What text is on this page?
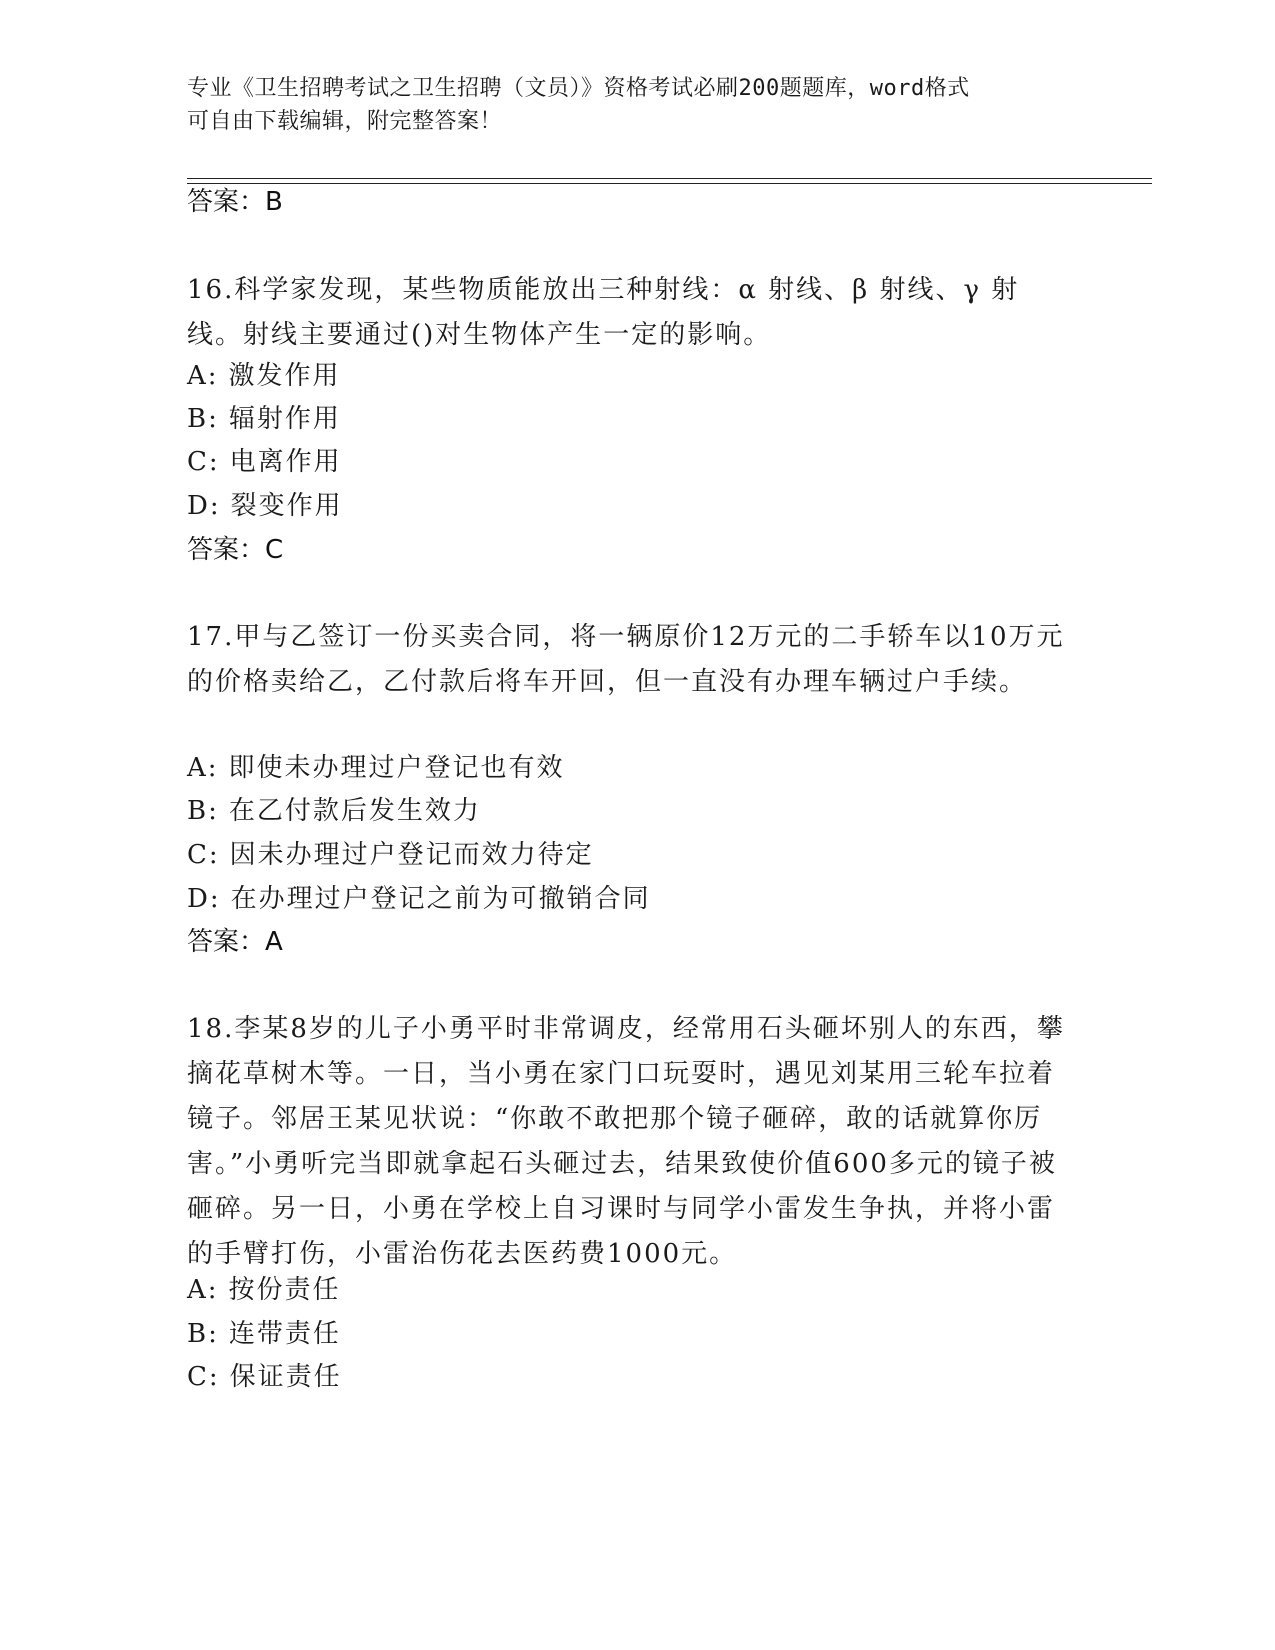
专业《卫生招聘考试之卫生招聘（文员）》资格考试必刷200题题库，word格式
可自由下载编辑，附完整答案！
答案：B
16.科学家发现，某些物质能放出三种射线：α 射线、β 射线、γ 射线。射线主要通过()对生物体产生一定的影响。
A: 激发作用
B: 辐射作用
C: 电离作用
D: 裂变作用
答案：C
17.甲与乙签订一份买卖合同，将一辆原价12万元的二手轿车以10万元的价格卖给乙，乙付款后将车开回，但一直没有办理车辆过户手续。
A: 即使未办理过户登记也有效
B: 在乙付款后发生效力
C: 因未办理过户登记而效力待定
D: 在办理过户登记之前为可撤销合同
答案：A
18.李某8岁的儿子小勇平时非常调皮，经常用石头砸坏别人的东西，攀摘花草树木等。一日，当小勇在家门口玩耍时，遇见刘某用三轮车拉着镜子。邻居王某见状说：“你敢不敢把那个镜子砸碎，敢的话就算你厉害。”小勇听完当即就拿起石头砸过去，结果致使价值600多元的镜子被砸碎。另一日，小勇在学校上自习课时与同学小雷发生争执，并将小雷的手臂打伤，小雷治伤花去医药费1000元。
A: 按份责任
B: 连带责任
C: 保证责任
